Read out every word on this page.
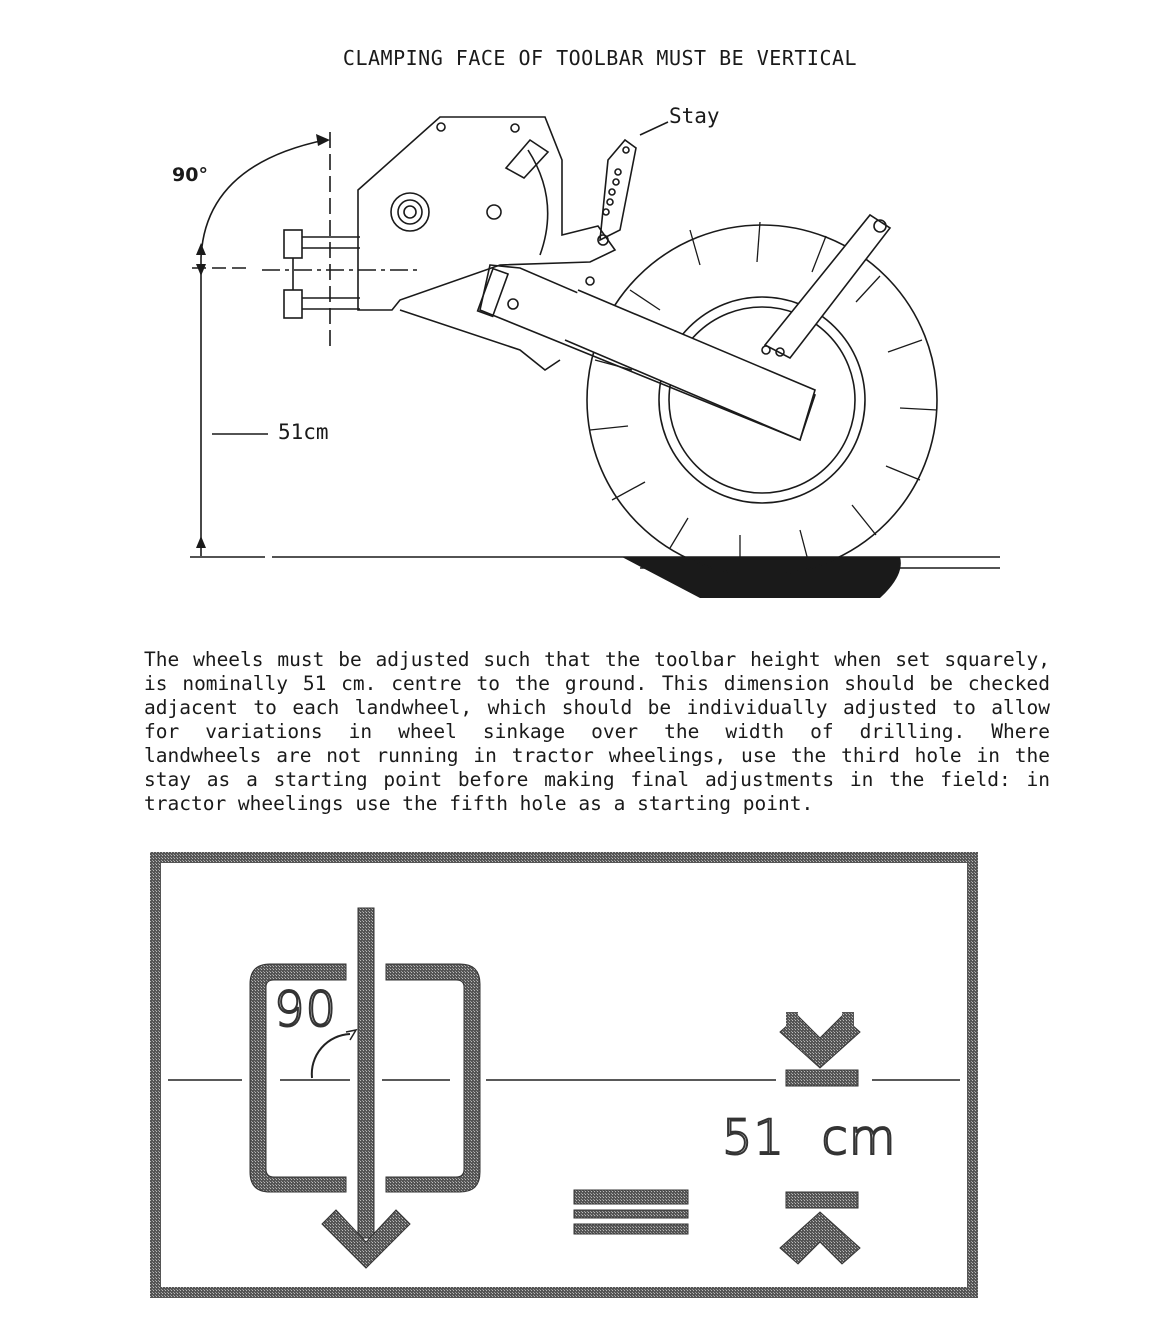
CLAMPING FACE OF TOOLBAR MUST BE VERTICAL
90°
51cm
Stay
The wheels must be adjusted such that the toolbar height when set squarely,
is nominally 51 cm. centre to the ground. This dimension should be checked
adjacent to each landwheel, which should be individually adjusted to allow
for variations in wheel sinkage over the width of drilling. Where
landwheels are not running in tractor wheelings, use the third hole in the
stay as a starting point before making final adjustments in the field: in
tractor wheelings use the fifth hole as a starting point.
90
51 cm
